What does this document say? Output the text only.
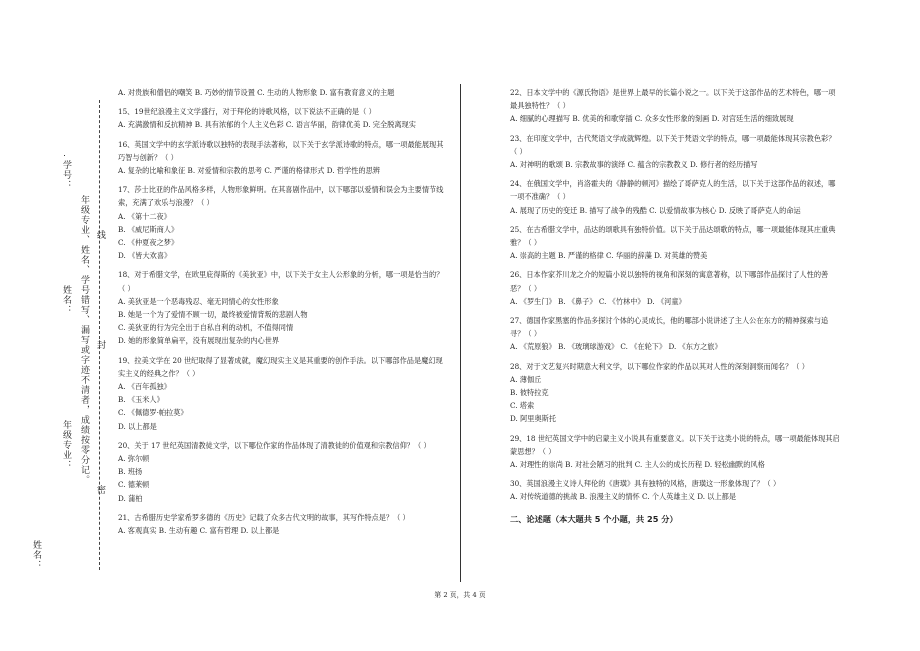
学号：
姓名： 年级专业、姓名、学号错写、漏写或字迹不清者，成绩按零分记。
年级专业：
姓名：
线
封
密
A. 对贵族和僧侣的嘲笑 B. 巧妙的情节设置 C. 生动的人物形象 D. 富有教育意义的主题
15、19世纪浪漫主义文学盛行，对于拜伦的诗歌风格，以下说法不正确的是（ ）
A. 充满激情和反抗精神 B. 具有浓郁的个人主义色彩 C. 语言华丽，韵律优美 D. 完全脱离现实
16、英国文学中的玄学派诗歌以独特的表现手法著称，以下关于玄学派诗歌的特点，哪一项最能展现其巧智与创新？（ ）
A. 复杂的比喻和象征 B. 对爱情和宗教的思考 C. 严谨的格律形式 D. 哲学性的思辨
17、莎士比亚的作品风格多样，人物形象鲜明。在其喜剧作品中，以下哪部以爱情和误会为主要情节线索，充满了欢乐与浪漫？（ ）
A. 《第十二夜》
B. 《威尼斯商人》
C. 《仲夏夜之梦》
D. 《皆大欢喜》
18、对于希腊文学，在欧里庇得斯的《美狄亚》中，以下关于女主人公形象的分析，哪一项是恰当的？（ ）
A. 美狄亚是一个恶毒残忍、毫无同情心的女性形象
B. 她是一个为了爱情不顾一切，最终被爱情背叛的悲剧人物
C. 美狄亚的行为完全出于自私自利的动机，不值得同情
D. 她的形象简单扁平，没有展现出复杂的内心世界
19、拉美文学在 20 世纪取得了显著成就，魔幻现实主义是其重要的创作手法。以下哪部作品是魔幻现实主义的经典之作？（ ）
A. 《百年孤独》
B. 《玉米人》
C. 《佩德罗·帕拉莫》
D. 以上都是
20、关于 17 世纪英国清教徒文学，以下哪位作家的作品体现了清教徒的价值观和宗教信仰？（ ）
A. 弥尔顿
B. 班扬
C. 德莱顿
D. 蒲柏
21、古希腊历史学家希罗多德的《历史》记载了众多古代文明的故事，其写作特点是？（ ）
A. 客观真实 B. 生动有趣 C. 富有哲理 D. 以上都是
22、日本文学中的《源氏物语》是世界上最早的长篇小说之一。以下关于这部作品的艺术特色，哪一项最具独特性？（ ）
A. 细腻的心理描写 B. 优美的和歌穿插 C. 众多女性形象的刻画 D. 对宫廷生活的细致展现
23、在印度文学中，古代梵语文学成就辉煌。以下关于梵语文学的特点，哪一项最能体现其宗教色彩？（ ）
A. 对神明的歌颂 B. 宗教故事的演绎 C. 蕴含的宗教教义 D. 修行者的经历描写
24、在俄国文学中，肖洛霍夫的《静静的顿河》描绘了哥萨克人的生活，以下关于这部作品的叙述，哪一项不准确？（ ）
A. 展现了历史的变迁 B. 描写了战争的残酷 C. 以爱情故事为核心 D. 反映了哥萨克人的命运
25、在古希腊文学中，品达的颂歌具有独特价值。以下关于品达颂歌的特点，哪一项最能体现其庄重典雅？（ ）
A. 崇高的主题 B. 严谨的格律 C. 华丽的辞藻 D. 对英雄的赞美
26、日本作家芥川龙之介的短篇小说以独特的视角和深刻的寓意著称，以下哪部作品探讨了人性的善恶？（ ）
A. 《罗生门》 B. 《鼻子》 C. 《竹林中》 D. 《河童》
27、德国作家黑塞的作品多探讨个体的心灵成长，他的哪部小说讲述了主人公在东方的精神探索与追寻？（ ）
A. 《荒原狼》 B. 《玻璃球游戏》 C. 《在轮下》 D. 《东方之旅》
28、对于文艺复兴时期意大利文学，以下哪位作家的作品以其对人性的深刻洞察而闻名？（ ）
A. 薄伽丘
B. 彼特拉克
C. 塔索
D. 阿里奥斯托
29、18 世纪英国文学中的启蒙主义小说具有重要意义。以下关于这类小说的特点，哪一项最能体现其启蒙思想？（ ）
A. 对理性的崇尚 B. 对社会陋习的批判 C. 主人公的成长历程 D. 轻松幽默的风格
30、英国浪漫主义诗人拜伦的《唐璜》具有独特的风格，唐璜这一形象体现了？（ ）
A. 对传统道德的挑战 B. 浪漫主义的情怀 C. 个人英雄主义 D. 以上都是
二、论述题（本大题共 5 个小题，共 25 分）
第 2 页，共 4 页
